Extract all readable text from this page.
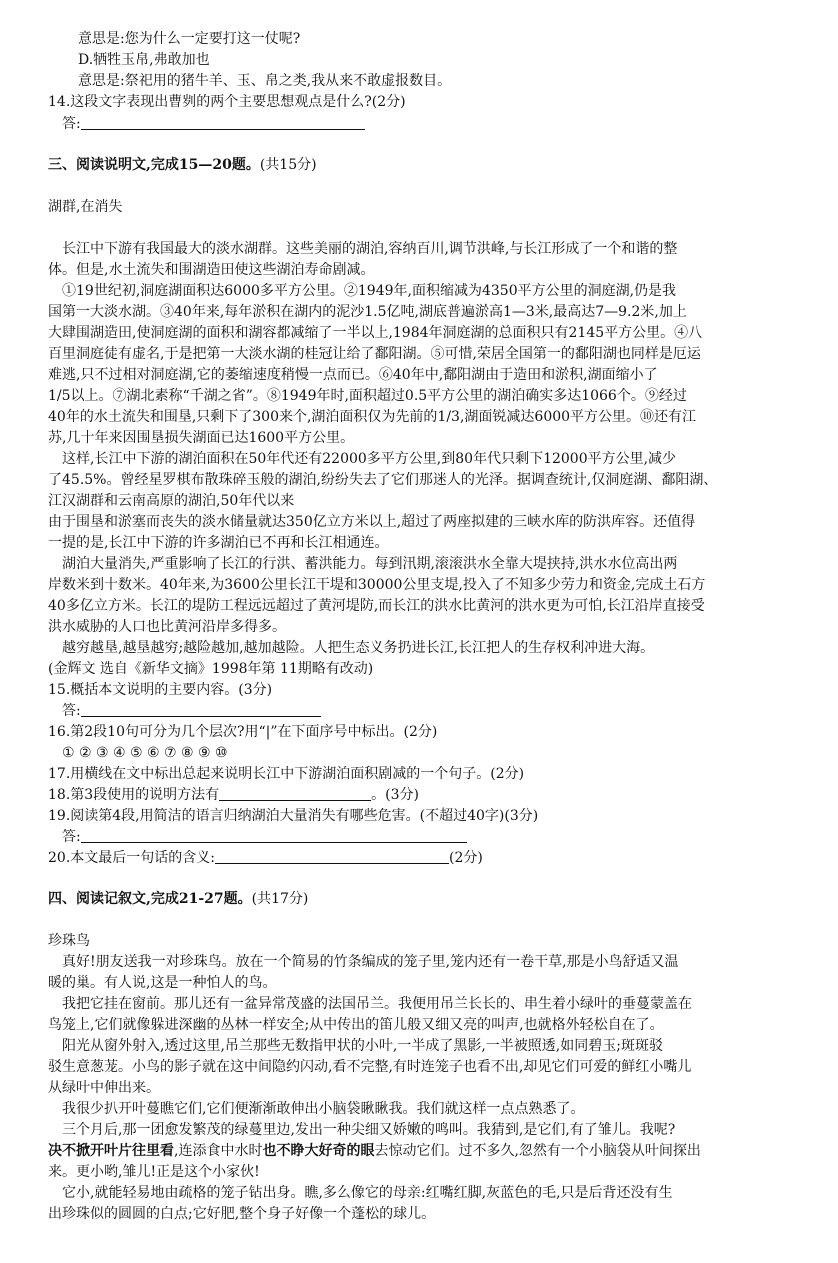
意思是:您为什么一定要打这一仗呢?
D.牺牲玉帛,弗敢加也
意思是:祭祀用的猪牛羊、玉、帛之类,我从来不敢虚报数目。
14.这段文字表现出曹刿的两个主要思想观点是什么?(2分)
答:
三、阅读说明文,完成15—20题。(共15分)
湖群,在消失
长江中下游有我国最大的淡水湖群。这些美丽的湖泊,容纳百川,调节洪峰,与长江形成了一个和谐的整
体。但是,水土流失和围湖造田使这些湖泊寿命剧减。
①19世纪初,洞庭湖面积达6000多平方公里。②1949年,面积缩减为4350平方公里的洞庭湖,仍是我
国第一大淡水湖。③40年来,每年淤积在湖内的泥沙1.5亿吨,湖底普遍淤高1—3米,最高达7—9.2米,加上
大肆围湖造田,使洞庭湖的面积和湖容都减缩了一半以上,1984年洞庭湖的总面积只有2145平方公里。④八
百里洞庭徒有虚名,于是把第一大淡水湖的桂冠让给了鄱阳湖。⑤可惜,荣居全国第一的鄱阳湖也同样是厄运
难逃,只不过相对洞庭湖,它的萎缩速度稍慢一点而已。⑥40年中,鄱阳湖由于造田和淤积,湖面缩小了
1/5以上。⑦湖北素称“千湖之省”。⑧1949年时,面积超过0.5平方公里的湖泊确实多达1066个。⑨经过
40年的水土流失和围垦,只剩下了300来个,湖泊面积仅为先前的1/3,湖面锐减达6000平方公里。⑩还有江
苏,几十年来因围垦损失湖面已达1600平方公里。
这样,长江中下游的湖泊面积在50年代还有22000多平方公里,到80年代只剩下12000平方公里,减少
了45.5%。曾经星罗棋布散珠碎玉般的湖泊,纷纷失去了它们那迷人的光泽。据调查统计,仅洞庭湖、鄱阳湖、
江汉湖群和云南高原的湖泊,50年代以来
由于围垦和淤塞而丧失的淡水储量就达350亿立方米以上,超过了两座拟建的三峡水库的防洪库容。还值得
一提的是,长江中下游的许多湖泊已不再和长江相通连。
湖泊大量消失,严重影响了长江的行洪、蓄洪能力。每到汛期,滚滚洪水全靠大堤挟持,洪水水位高出两
岸数米到十数米。40年来,为3600公里长江干堤和30000公里支堤,投入了不知多少劳力和资金,完成土石方
40多亿立方米。长江的堤防工程远远超过了黄河堤防,而长江的洪水比黄河的洪水更为可怕,长江沿岸直接受
洪水威胁的人口也比黄河沿岸多得多。
越穷越垦,越垦越穷;越险越加,越加越险。人把生态义务扔进长江,长江把人的生存权利冲进大海。
(金辉文 选自《新华文摘》1998年第 11期略有改动)
15.概括本文说明的主要内容。(3分)
答:
16.第2段10句可分为几个层次?用“|”在下面序号中标出。(2分)
① ② ③ ④ ⑤ ⑥ ⑦ ⑧ ⑨ ⑩
17.用横线在文中标出总起来说明长江中下游湖泊面积剧减的一个句子。(2分)
18.第3段使用的说明方法有	。(3分)
19.阅读第4段,用简洁的语言归纳湖泊大量消失有哪些危害。(不超过40字)(3分)
答:
20.本文最后一句话的含义:	(2分)
四、阅读记叙文,完成21-27题。(共17分)
珍珠鸟
真好!朋友送我一对珍珠鸟。放在一个简易的竹条编成的笼子里,笼内还有一卷干草,那是小鸟舒适又温
暖的巢。有人说,这是一种怕人的鸟。
我把它挂在窗前。那儿还有一盆异常茂盛的法国吊兰。我便用吊兰长长的、串生着小绿叶的垂蔓蒙盖在
鸟笼上,它们就像躲进深幽的丛林一样安全;从中传出的笛儿般又细又亮的叫声,也就格外轻松自在了。
阳光从窗外射入,透过这里,吊兰那些无数指甲状的小叶,一半成了黑影,一半被照透,如同碧玉;斑斑驳
驳生意葱茏。小鸟的影子就在这中间隐约闪动,看不完整,有时连笼子也看不出,却见它们可爱的鲜红小嘴儿
从绿叶中伸出来。
我很少扒开叶蔓瞧它们,它们便渐渐敢伸出小脑袋瞅瞅我。我们就这样一点点熟悉了。
三个月后,那一团愈发繁茂的绿蔓里边,发出一种尖细又娇嫩的鸣叫。我猜到,是它们,有了雏儿。我呢?
决不掀开叶片往里看,连添食中水时也不睁大好奇的眼去惊动它们。过不多久,忽然有一个小脑袋从叶间探出
来。更小哟,雏儿!正是这个小家伙!
它小,就能轻易地由疏格的笼子钻出身。瞧,多么像它的母亲:红嘴红脚,灰蓝色的毛,只是后背还没有生
出珍珠似的圆圆的白点;它好肥,整个身子好像一个蓬松的球儿。
